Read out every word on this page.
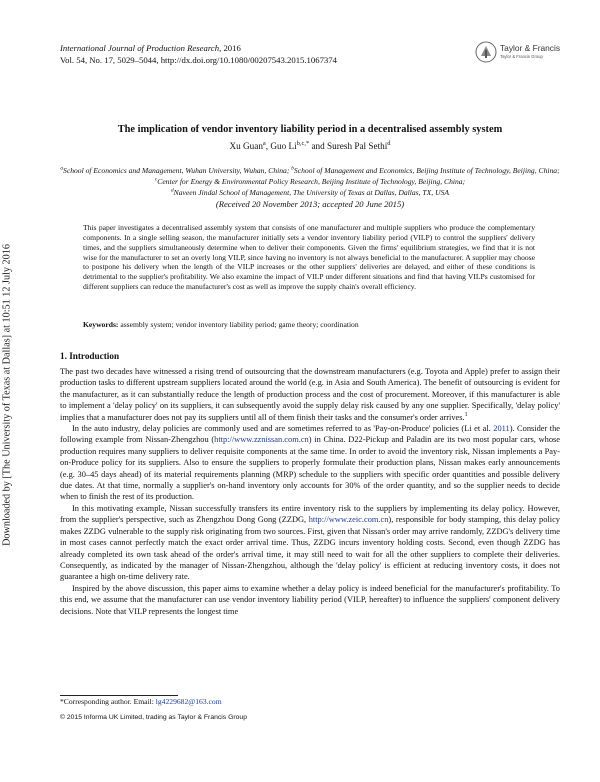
Downloaded by [The University of Texas at Dallas] at 10:51 12 July 2016
International Journal of Production Research, 2016
Vol. 54, No. 17, 5029–5044, http://dx.doi.org/10.1080/00207543.2015.1067374
Taylor & Francis
Taylor & Francis Group
The implication of vendor inventory liability period in a decentralised assembly system
Xu Guan$^a$, Guo $Li^{b,c,*}$ and Suresh Pal Sethi$^d$
$^a$School of Economics and Management, Wuhan University, Wuhan, China; $^b$School of Management and Economics, Beijing Institute of Technology, Beijing, China; $^c$Center for Energy & Environmental Policy Research, Beijing Institute of Technology, Beijing, China;
$^d$Naveen Jindal School of Management, The University of Texas at Dallas, Dallas, TX, USA
(Received 20 November 2013; accepted 20 June 2015)
This paper investigates a decentralised assembly system that consists of one manufacturer and multiple suppliers who produce the complementary components. In a single selling season, the manufacturer initially sets a vendor inventory liability period (VILP) to control the suppliers' delivery times, and the suppliers simultaneously determine when to deliver their components. Given the firms' equilibrium strategies, we find that it is not wise for the manufacturer to set an overly long VILP, since having no inventory is not always beneficial to the manufacturer. A supplier may choose to postpone his delivery when the length of the VILP increases or the other suppliers' deliveries are delayed, and either of these conditions is detrimental to the supplier's profitability. We also examine the impact of VILP under different situations and find that having VILPs customised for different suppliers can reduce the manufacturer's cost as well as improve the supply chain's overall efficiency.
Keywords: assembly system; vendor inventory liability period; game theory; coordination
1. Introduction

The past two decades have witnessed a rising trend of outsourcing that the downstream manufacturers (e.g. Toyota and Apple) prefer to assign their production tasks to different upstream suppliers located around the world (e.g. in Asia and South America). The benefit of outsourcing is evident for the manufacturer, as it can substantially reduce the length of production process and the cost of procurement. Moreover, if this manufacturer is able to implement a 'delay policy' on its suppliers, it can subsequently avoid the supply delay risk caused by any one supplier. Specifically, 'delay policy' implies that a manufacturer does not pay its suppliers until all of them finish their tasks and the consumer's order arrives.$^1$

In the auto industry, delay policies are commonly used and are sometimes referred to as 'Pay-on-Produce' policies (Li et al. 2011). Consider the following example from Nissan-Zhengzhou (http://www.zznissan.com.cn) in China. D22-Pickup and Paladin are its two most popular cars, whose production requires many suppliers to deliver requisite components at the same time. In order to avoid the inventory risk, Nissan implements a Pay-on-Produce policy for its suppliers. Also to ensure the suppliers to properly formulate their production plans, Nissan makes early announcements (e.g. 30–45 days ahead) of its material requirements planning (MRP) schedule to the suppliers with specific order quantities and possible delivery due dates. At that time, normally a supplier's on-hand inventory only accounts for 30% of the order quantity, and so the supplier needs to decide when to finish the rest of its production.

In this motivating example, Nissan successfully transfers its entire inventory risk to the suppliers by implementing its delay policy. However, from the supplier's perspective, such as Zhengzhou Dong Gong (ZZDG, http://www.zeic.com.cn), responsible for body stamping, this delay policy makes ZZDG vulnerable to the supply risk originating from two sources. First, given that Nissan's order may arrive randomly, ZZDG's delivery time in most cases cannot perfectly match the exact order arrival time. Thus, ZZDG incurs inventory holding costs. Second, even though ZZDG has already completed its own task ahead of the order's arrival time, it may still need to wait for all the other suppliers to complete their deliveries. Consequently, as indicated by the manager of Nissan-Zhengzhou, although the 'delay policy' is efficient at reducing inventory costs, it does not guarantee a high on-time delivery rate.

Inspired by the above discussion, this paper aims to examine whether a delay policy is indeed beneficial for the manufacturer's profitability. To this end, we assume that the manufacturer can use vendor inventory liability period (VILP, hereafter) to influence the suppliers' component delivery decisions. Note that VILP represents the longest time

*Corresponding author. Email: lg4229682@163.com
© 2015 Informa UK Limited, trading as Taylor & Francis Group
